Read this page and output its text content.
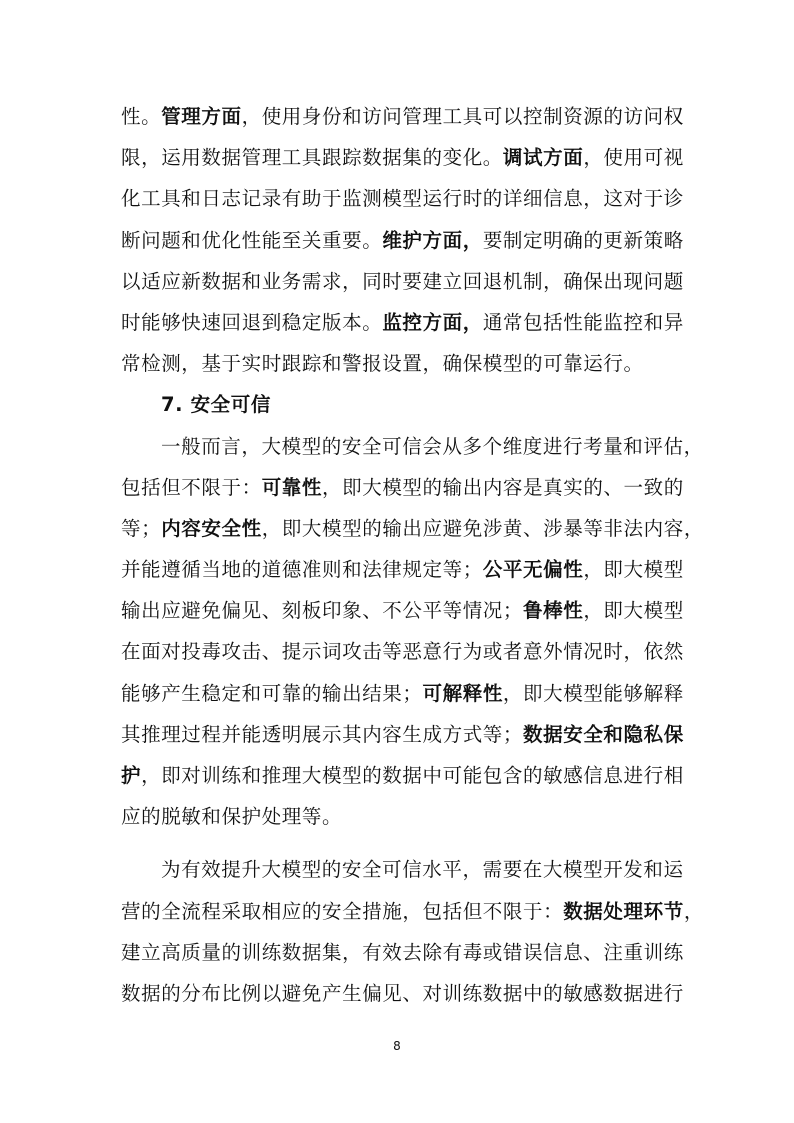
性。管理方面，使用身份和访问管理工具可以控制资源的访问权
限，运用数据管理工具跟踪数据集的变化。调试方面，使用可视
化工具和日志记录有助于监测模型运行时的详细信息，这对于诊
断问题和优化性能至关重要。维护方面，要制定明确的更新策略
以适应新数据和业务需求，同时要建立回退机制，确保出现问题
时能够快速回退到稳定版本。监控方面，通常包括性能监控和异
常检测，基于实时跟踪和警报设置，确保模型的可靠运行。
7. 安全可信
一般而言，大模型的安全可信会从多个维度进行考量和评估，
包括但不限于：可靠性，即大模型的输出内容是真实的、一致的
等；内容安全性，即大模型的输出应避免涉黄、涉暴等非法内容，
并能遵循当地的道德准则和法律规定等；公平无偏性，即大模型
输出应避免偏见、刻板印象、不公平等情况；鲁棒性，即大模型
在面对投毒攻击、提示词攻击等恶意行为或者意外情况时，依然
能够产生稳定和可靠的输出结果；可解释性，即大模型能够解释
其推理过程并能透明展示其内容生成方式等；数据安全和隐私保
护，即对训练和推理大模型的数据中可能包含的敏感信息进行相
应的脱敏和保护处理等。
为有效提升大模型的安全可信水平，需要在大模型开发和运
营的全流程采取相应的安全措施，包括但不限于：数据处理环节，
建立高质量的训练数据集，有效去除有毒或错误信息、注重训练
数据的分布比例以避免产生偏见、对训练数据中的敏感数据进行
8
